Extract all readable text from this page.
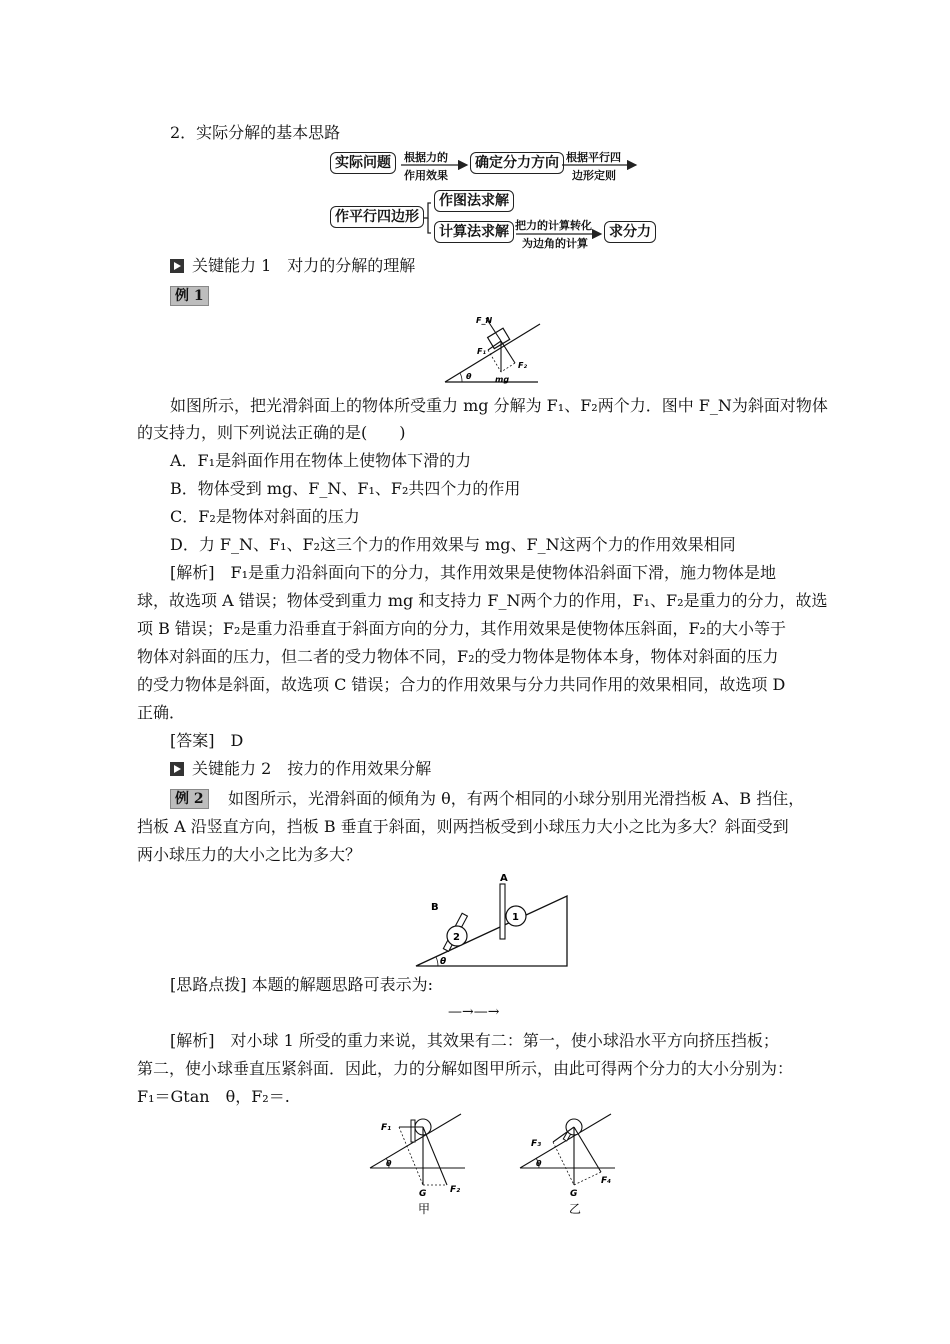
2．实际分解的基本思路
实际问题	根据力的
作用效果
确定分力方向 根据平行四
边形定则
作平行四边形
作图法求解
计算法求解 把力的计算转化
为边角的计算
求分力
关键能力 1　对力的分解的理解
例 1
F_N
F₁
F₂
mg
θ
如图所示，把光滑斜面上的物体所受重力 mg 分解为 F₁、F₂两个力．图中 F_N为斜面对物体
的支持力，则下列说法正确的是(　　)
A．F₁是斜面作用在物体上使物体下滑的力
B．物体受到 mg、F_N、F₁、F₂共四个力的作用
C．F₂是物体对斜面的压力
D．力 F_N、F₁、F₂这三个力的作用效果与 mg、F_N这两个力的作用效果相同
[解析]　F₁是重力沿斜面向下的分力，其作用效果是使物体沿斜面下滑，施力物体是地
球，故选项 A 错误；物体受到重力 mg 和支持力 F_N两个力的作用，F₁、F₂是重力的分力，故选
项 B 错误；F₂是重力沿垂直于斜面方向的分力，其作用效果是使物体压斜面，F₂的大小等于
物体对斜面的压力，但二者的受力物体不同，F₂的受力物体是物体本身，物体对斜面的压力
的受力物体是斜面，故选项 C 错误；合力的作用效果与分力共同作用的效果相同，故选项 D
正确．
[答案]　D
关键能力 2　按力的作用效果分解
例 2	如图所示，光滑斜面的倾角为 θ，有两个相同的小球分别用光滑挡板 A、B 挡住，
挡板 A 沿竖直方向，挡板 B 垂直于斜面，则两挡板受到小球压力大小之比为多大？斜面受到
两小球压力的大小之比为多大？
A
B
1
2
θ
[思路点拨] 本题的解题思路可表示为:
—→—→
[解析]　对小球 1 所受的重力来说，其效果有二：第一，使小球沿水平方向挤压挡板；
第二，使小球垂直压紧斜面．因此，力的分解如图甲所示，由此可得两个分力的大小分别为：
F₁＝Gtan　θ，F₂＝.
F₁
F₂
G
θ
甲
F₃
F₄
G
θ
乙
